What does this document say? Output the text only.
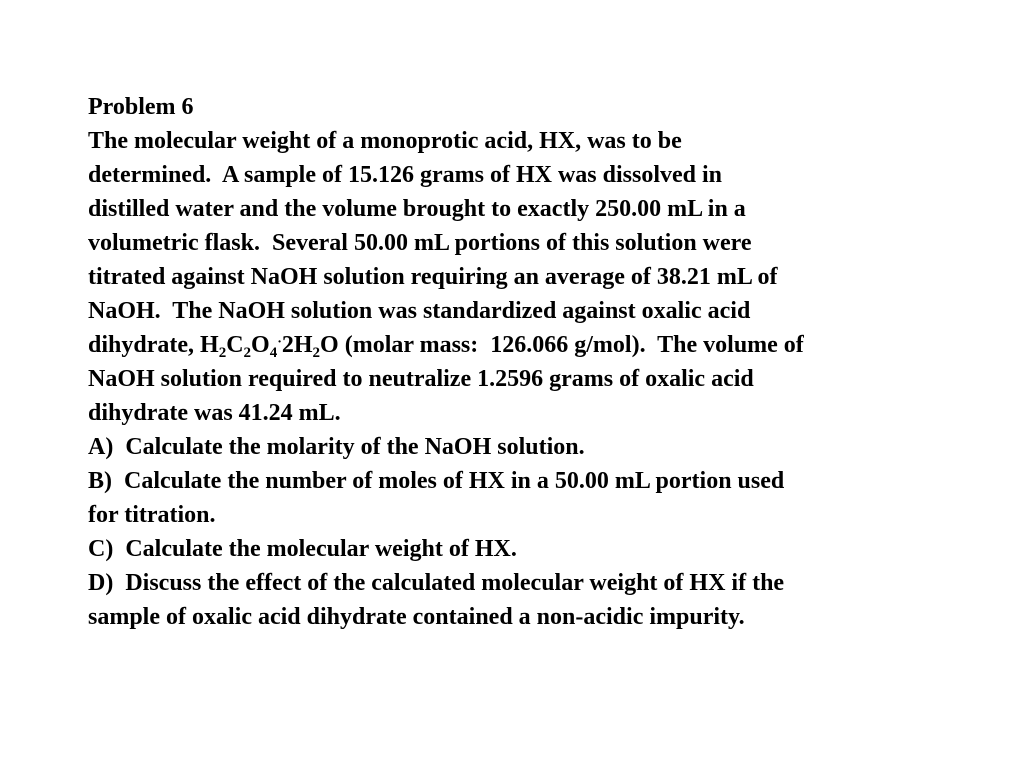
Problem 6
The molecular weight of a monoprotic acid, HX, was to be
determined.  A sample of 15.126 grams of HX was dissolved in
distilled water and the volume brought to exactly 250.00 mL in a
volumetric flask.  Several 50.00 mL portions of this solution were
titrated against NaOH solution requiring an average of 38.21 mL of
NaOH.  The NaOH solution was standardized against oxalic acid
dihydrate, $H_2C_2O_4^\cdot 2H_2O$ (molar mass:  126.066 g/mol).  The volume of
NaOH solution required to neutralize 1.2596 grams of oxalic acid
dihydrate was 41.24 mL.
A)  Calculate the molarity of the NaOH solution.
B)  Calculate the number of moles of HX in a 50.00 mL portion used
for titration.
C)  Calculate the molecular weight of HX.
D)  Discuss the effect of the calculated molecular weight of HX if the
sample of oxalic acid dihydrate contained a non-acidic impurity.
